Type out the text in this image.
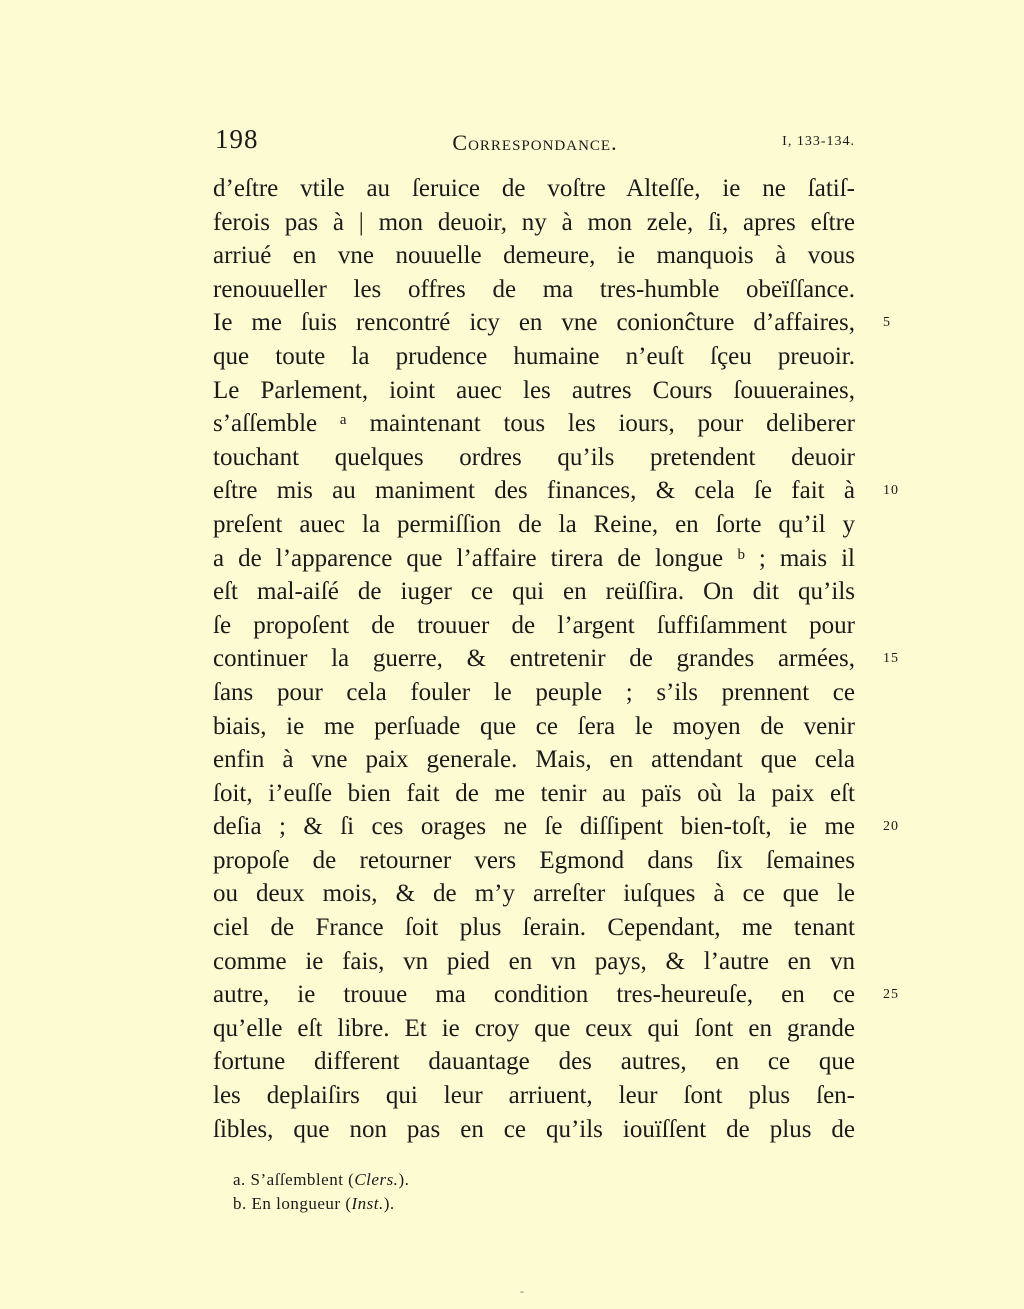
198	Correspondance.	I, 133-134.
d’eſtre vtile au ſeruice de voſtre Alteſſe, ie ne ſatiſ-
ferois pas à | mon deuoir, ny à mon zele, ſi, apres eſtre
arriué en vne nouuelle demeure, ie manquois à vous
renouueller les offres de ma tres-humble obeïſſance.
Ie me ſuis rencontré icy en vne conionĉture d’affaires, 5
que toute la prudence humaine n’euſt ſçeu preuoir.
Le Parlement, ioint auec les autres Cours ſouueraines,
s’aſſemble ᵃ maintenant tous les iours, pour deliberer
touchant quelques ordres qu’ils pretendent deuoir
eſtre mis au maniment des finances, & cela ſe fait à 10
preſent auec la permiſſion de la Reine, en ſorte qu’il y
a de l’apparence que l’affaire tirera de longue ᵇ ; mais il
eſt mal-aiſé de iuger ce qui en reüſſira. On dit qu’ils
ſe propoſent de trouuer de l’argent ſuffiſamment pour
continuer la guerre, & entretenir de grandes armées, 15
ſans pour cela fouler le peuple ; s’ils prennent ce
biais, ie me perſuade que ce ſera le moyen de venir
enfin à vne paix generale. Mais, en attendant que cela
ſoit, i’euſſe bien fait de me tenir au païs où la paix eſt
deſia ; & ſi ces orages ne ſe diſſipent bien-toſt, ie me 20
propoſe de retourner vers Egmond dans ſix ſemaines
ou deux mois, & de m’y arreſter iuſques à ce que le
ciel de France ſoit plus ſerain. Cependant, me tenant
comme ie fais, vn pied en vn pays, & l’autre en vn
autre, ie trouue ma condition tres-heureuſe, en ce 25
qu’elle eſt libre. Et ie croy que ceux qui ſont en grande
fortune different dauantage des autres, en ce que
les deplaiſirs qui leur arriuent, leur ſont plus ſen-
ſibles, que non pas en ce qu’ils iouïſſent de plus de
a. S’aſſemblent (Clers.).
b. En longueur (Inst.).
-
